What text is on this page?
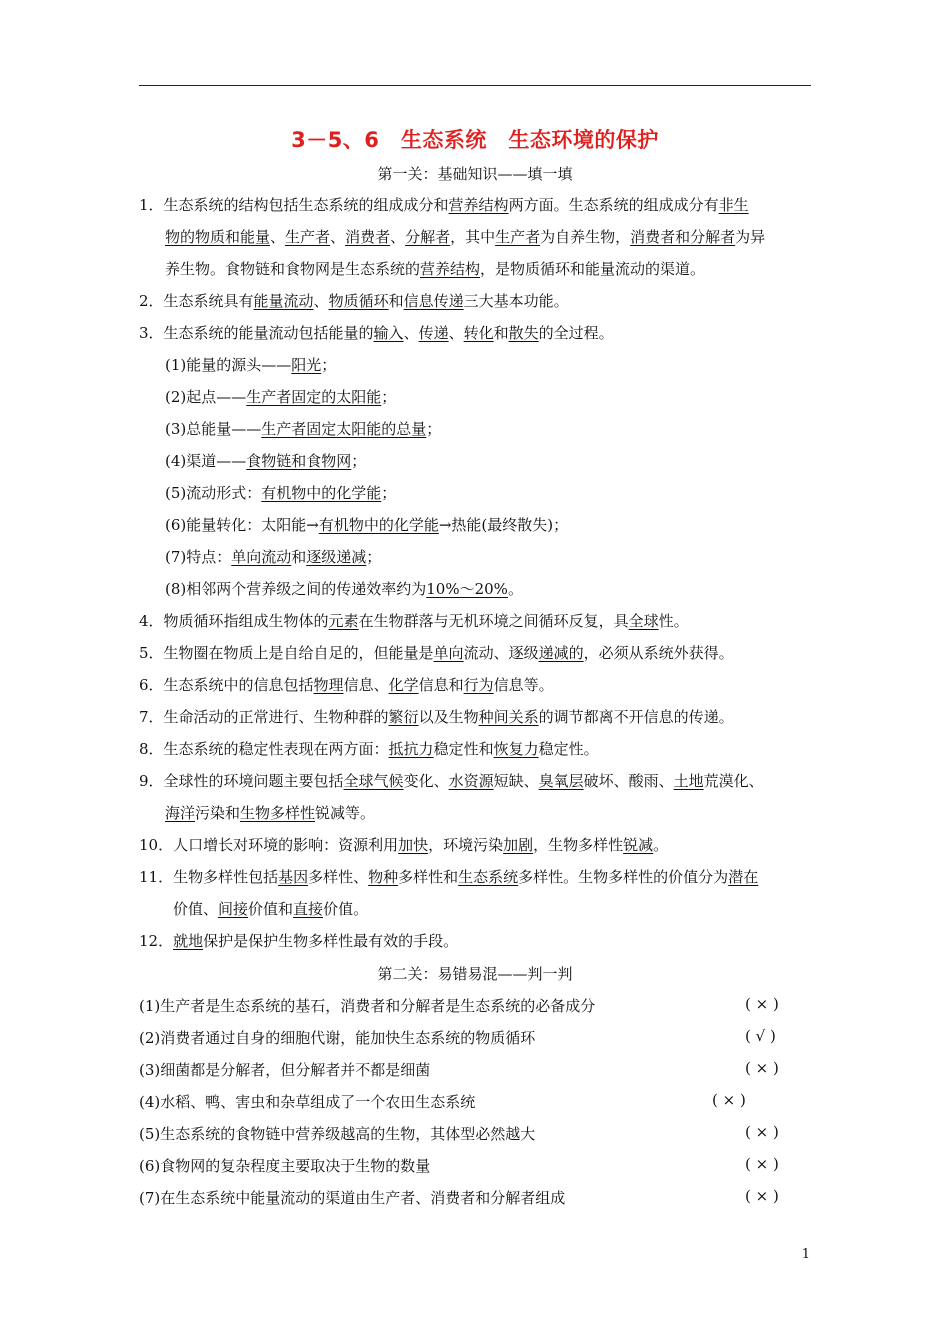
3－5、6　生态系统　生态环境的保护
第一关：基础知识——填一填
1．生态系统的结构包括生态系统的组成成分和营养结构两方面。生态系统的组成成分有非生
物的物质和能量、生产者、消费者、分解者，其中生产者为自养生物，消费者和分解者为异
养生物。食物链和食物网是生态系统的营养结构，是物质循环和能量流动的渠道。
2．生态系统具有能量流动、物质循环和信息传递三大基本功能。
3．生态系统的能量流动包括能量的输入、传递、转化和散失的全过程。
(1)能量的源头——阳光；
(2)起点——生产者固定的太阳能；
(3)总能量——生产者固定太阳能的总量；
(4)渠道——食物链和食物网；
(5)流动形式：有机物中的化学能；
(6)能量转化：太阳能→有机物中的化学能→热能(最终散失)；
(7)特点：单向流动和逐级递减；
(8)相邻两个营养级之间的传递效率约为10%～20%。
4．物质循环指组成生物体的元素在生物群落与无机环境之间循环反复，具全球性。
5．生物圈在物质上是自给自足的，但能量是单向流动、逐级递减的，必须从系统外获得。
6．生态系统中的信息包括物理信息、化学信息和行为信息等。
7．生命活动的正常进行、生物种群的繁衍以及生物种间关系的调节都离不开信息的传递。
8．生态系统的稳定性表现在两方面：抵抗力稳定性和恢复力稳定性。
9．全球性的环境问题主要包括全球气候变化、水资源短缺、臭氧层破坏、酸雨、土地荒漠化、
海洋污染和生物多样性锐减等。
10．人口增长对环境的影响：资源利用加快，环境污染加剧，生物多样性锐减。
11．生物多样性包括基因多样性、物种多样性和生态系统多样性。生物多样性的价值分为潜在
价值、间接价值和直接价值。
12．就地保护是保护生物多样性最有效的手段。
第二关：易错易混——判一判
(1)生产者是生态系统的基石，消费者和分解者是生态系统的必备成分	( × )
(2)消费者通过自身的细胞代谢，能加快生态系统的物质循环	( √ )
(3)细菌都是分解者，但分解者并不都是细菌	( × )
(4)水稻、鸭、害虫和杂草组成了一个农田生态系统	( × )
(5)生态系统的食物链中营养级越高的生物，其体型必然越大	( × )
(6)食物网的复杂程度主要取决于生物的数量	( × )
(7)在生态系统中能量流动的渠道由生产者、消费者和分解者组成	( × )
1
